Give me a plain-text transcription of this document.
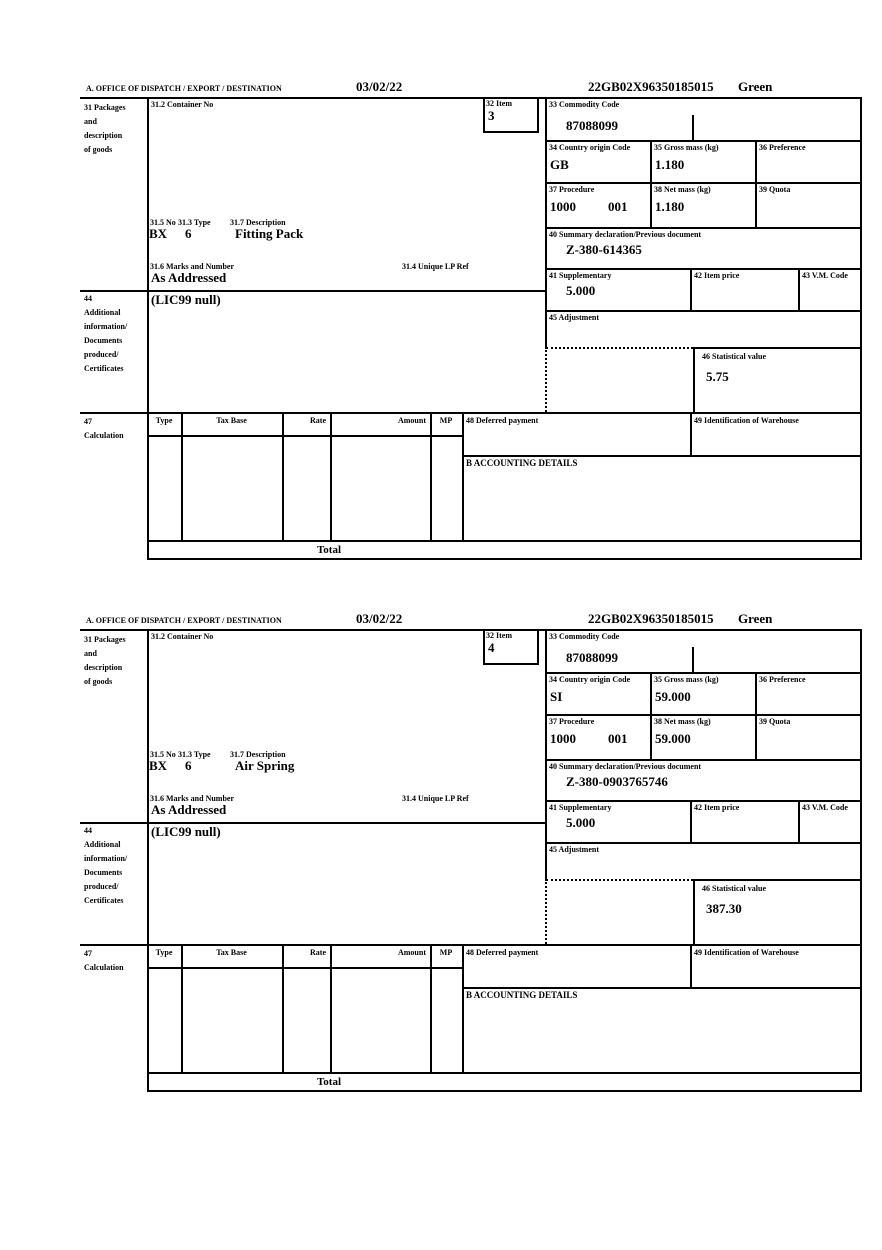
A. OFFICE OF DISPATCH / EXPORT / DESTINATION	03/02/22	22GB02X96350185015 Green
31 Packages
and
description
of goods
44
Additional
information/
Documents
produced/
Certificates
47
Calculation
31.2 Container No	32 Item
3
31.5 No 31.3 Type 31.7 Description
BX 6	Fitting Pack
31.6 Marks and Number	31.4 Unique LP Ref
As Addressed
(LIC99 null)
33 Commodity Code
87088099
34 Country origin Code
GB
35 Gross mass (kg)
1.180
36 Preference
37 Procedure
1000 001
38 Net mass (kg)
1.180
39 Quota
40 Summary declaration/Previous document
Z-380-614365
41 Supplementary
5.000
42 Item price	43 V.M. Code
45 Adjustment
46 Statistical value
5.75
Type	Tax Base	Rate	Amount	MP	48 Deferred payment	49 Identification of Warehouse
B ACCOUNTING DETAILS
Total
A. OFFICE OF DISPATCH / EXPORT / DESTINATION	03/02/22	22GB02X96350185015 Green
31 Packages
and
description
of goods
44
Additional
information/
Documents
produced/
Certificates
47
Calculation
31.2 Container No	32 Item
4
31.5 No 31.3 Type 31.7 Description
BX 6	Air Spring
31.6 Marks and Number	31.4 Unique LP Ref
As Addressed
(LIC99 null)
33 Commodity Code
87088099
34 Country origin Code
SI
35 Gross mass (kg)
59.000
36 Preference
37 Procedure
1000 001
38 Net mass (kg)
59.000
39 Quota
40 Summary declaration/Previous document
Z-380-0903765746
41 Supplementary
5.000
42 Item price	43 V.M. Code
45 Adjustment
46 Statistical value
387.30
Type	Tax Base	Rate	Amount	MP	48 Deferred payment	49 Identification of Warehouse
B ACCOUNTING DETAILS
Total
